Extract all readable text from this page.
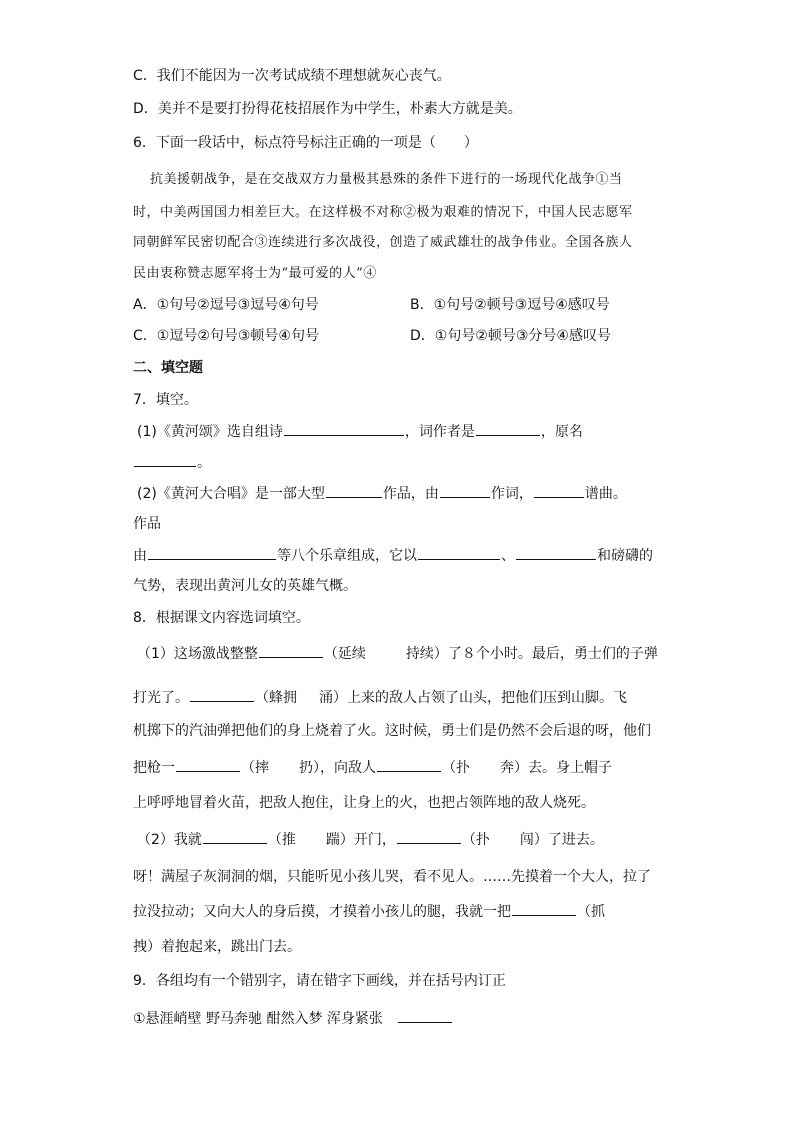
C．我们不能因为一次考试成绩不理想就灰心丧气。
D．美并不是要打扮得花枝招展作为中学生，朴素大方就是美。
6．下面一段话中，标点符号标注正确的一项是（　　）
抗美援朝战争，是在交战双方力量极其悬殊的条件下进行的一场现代化战争①当
时，中美两国国力相差巨大。在这样极不对称②极为艰难的情况下，中国人民志愿军
同朝鲜军民密切配合③连续进行多次战役，创造了威武雄壮的战争伟业。全国各族人
民由衷称赞志愿军将士为“最可爱的人”④
A．①句号②逗号③逗号④句号	B．①句号②顿号③逗号④感叹号
C．①逗号②句号③顿号④句号	D．①句号②顿号③分号④感叹号
二、填空题
7．填空。
(1)《黄河颂》选自组诗	，词作者是	，原名
。
(2)《黄河大合唱》是一部大型	作品，由	作词，	谱曲。
作品
由	等八个乐章组成，它以	、	和磅礴的
气势，表现出黄河儿女的英雄气概。
8．根据课文内容选词填空。
（1）这场激战整整	（延续	持续）了８个小时。最后，勇士们的子弹
打光了。	（蜂拥 涌）上来的敌人占领了山头，把他们压到山脚。飞
机掷下的汽油弹把他们的身上烧着了火。这时候，勇士们是仍然不会后退的呀，他们
把枪一	（摔 扔），向敌人	（扑 奔）去。身上帽子
上呼呼地冒着火苗，把敌人抱住，让身上的火，也把占领阵地的敌人烧死。
（2）我就	（推 踹）开门，	（扑 闯）了进去。
呀！满屋子灰洞洞的烟，只能听见小孩儿哭，看不见人。……先摸着一个大人，拉了
拉没拉动；又向大人的身后摸，才摸着小孩儿的腿，我就一把	（抓
拽）着抱起来，跳出门去。
9．各组均有一个错别字，请在错字下画线，并在括号内订正
①悬涯峭壁 野马奔驰 酣然入梦 浑身紧张
